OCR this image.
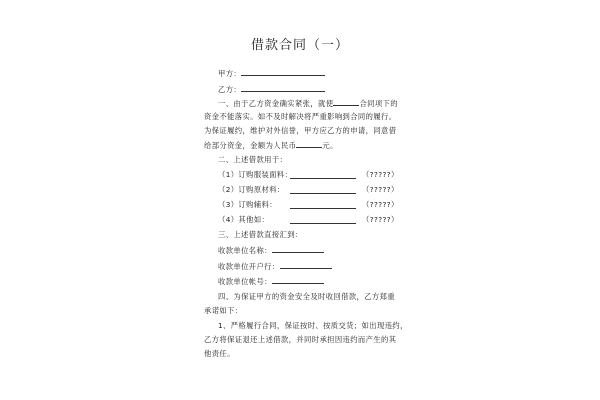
借款合同（一）
甲方：
乙方：
一、由于乙方资金确实紧张，就使	合同项下的
资金不能落实。如不及时解决将严重影响到合同的履行。
为保证履约，维护对外信誉，甲方应乙方的申请，同意借
给部分资金，金额为人民币	元。
二、上述借款用于：
（1）订购服装面料：	（?????）
（2）订购原材料：	（?????）
（3）订购辅料：	（?????）
（4）其他如：	（?????）
三、上述借款直接汇到：
收款单位名称：
收款单位开户行：
收款单位帐号：
四、为保证甲方的资金安全及时收回借款，乙方郑重
承诺如下：
1、严格履行合同，保证按时、按质交货；如出现违约，
乙方将保证退还上述借款，并同时承担因违约而产生的其
他责任。
